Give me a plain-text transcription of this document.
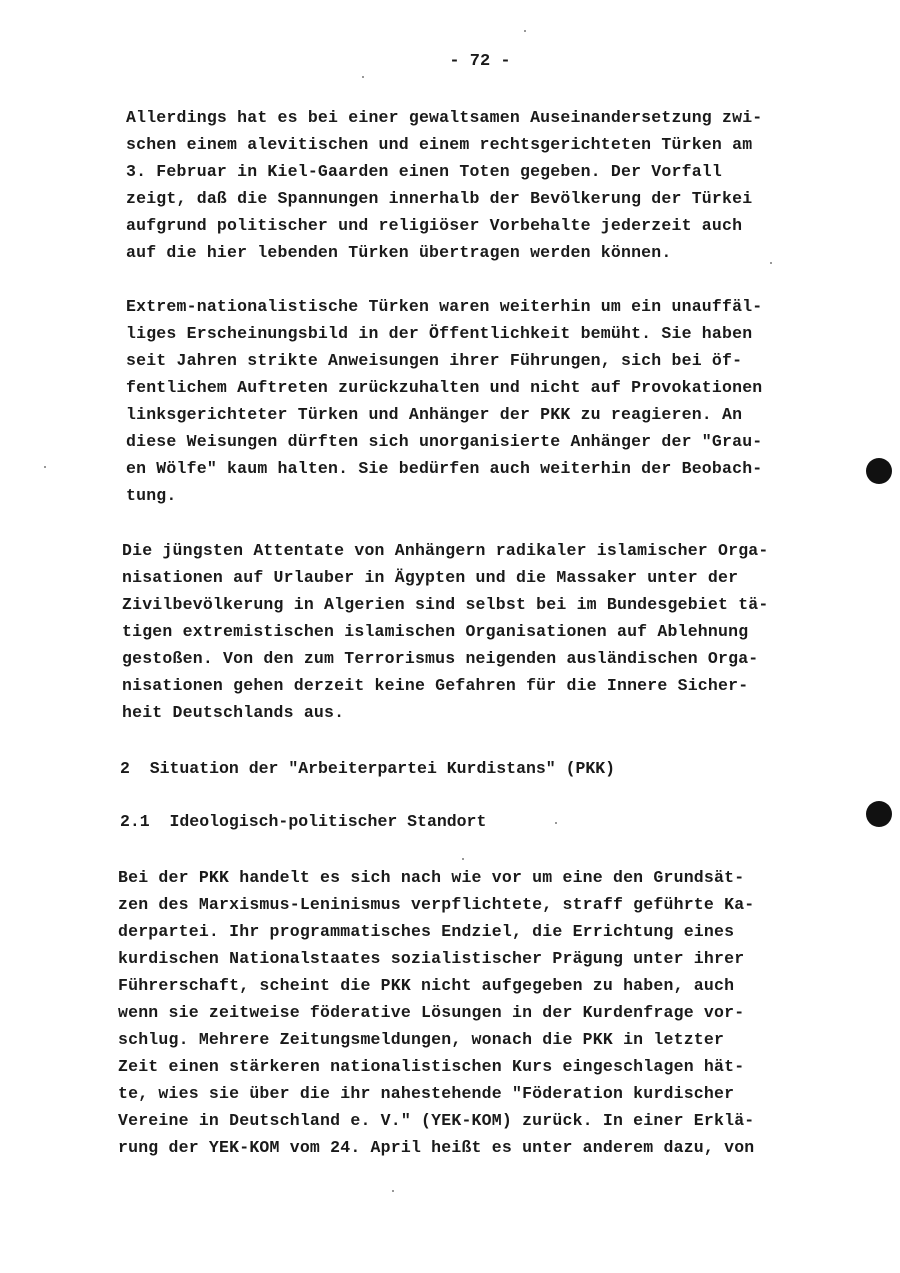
- 72 -
Allerdings hat es bei einer gewaltsamen Auseinandersetzung zwi-
schen einem alevitischen und einem rechtsgerichteten Türken am
3. Februar in Kiel-Gaarden einen Toten gegeben. Der Vorfall
zeigt, daß die Spannungen innerhalb der Bevölkerung der Türkei
aufgrund politischer und religiöser Vorbehalte jederzeit auch
auf die hier lebenden Türken übertragen werden können.
Extrem-nationalistische Türken waren weiterhin um ein unauffäl-
liges Erscheinungsbild in der Öffentlichkeit bemüht. Sie haben
seit Jahren strikte Anweisungen ihrer Führungen, sich bei öf-
fentlichem Auftreten zurückzuhalten und nicht auf Provokationen
linksgerichteter Türken und Anhänger der PKK zu reagieren. An
diese Weisungen dürften sich unorganisierte Anhänger der "Grau-
en Wölfe" kaum halten. Sie bedürfen auch weiterhin der Beobach-
tung.
Die jüngsten Attentate von Anhängern radikaler islamischer Orga-
nisationen auf Urlauber in Ägypten und die Massaker unter der
Zivilbevölkerung in Algerien sind selbst bei im Bundesgebiet tä-
tigen extremistischen islamischen Organisationen auf Ablehnung
gestoßen. Von den zum Terrorismus neigenden ausländischen Orga-
nisationen gehen derzeit keine Gefahren für die Innere Sicher-
heit Deutschlands aus.
2  Situation der "Arbeiterpartei Kurdistans" (PKK)
2.1  Ideologisch-politischer Standort
Bei der PKK handelt es sich nach wie vor um eine den Grundsät-
zen des Marxismus-Leninismus verpflichtete, straff geführte Ka-
derpartei. Ihr programmatisches Endziel, die Errichtung eines
kurdischen Nationalstaates sozialistischer Prägung unter ihrer
Führerschaft, scheint die PKK nicht aufgegeben zu haben, auch
wenn sie zeitweise föderative Lösungen in der Kurdenfrage vor-
schlug. Mehrere Zeitungsmeldungen, wonach die PKK in letzter
Zeit einen stärkeren nationalistischen Kurs eingeschlagen hät-
te, wies sie über die ihr nahestehende "Föderation kurdischer
Vereine in Deutschland e. V." (YEK-KOM) zurück. In einer Erklä-
rung der YEK-KOM vom 24. April heißt es unter anderem dazu, von
